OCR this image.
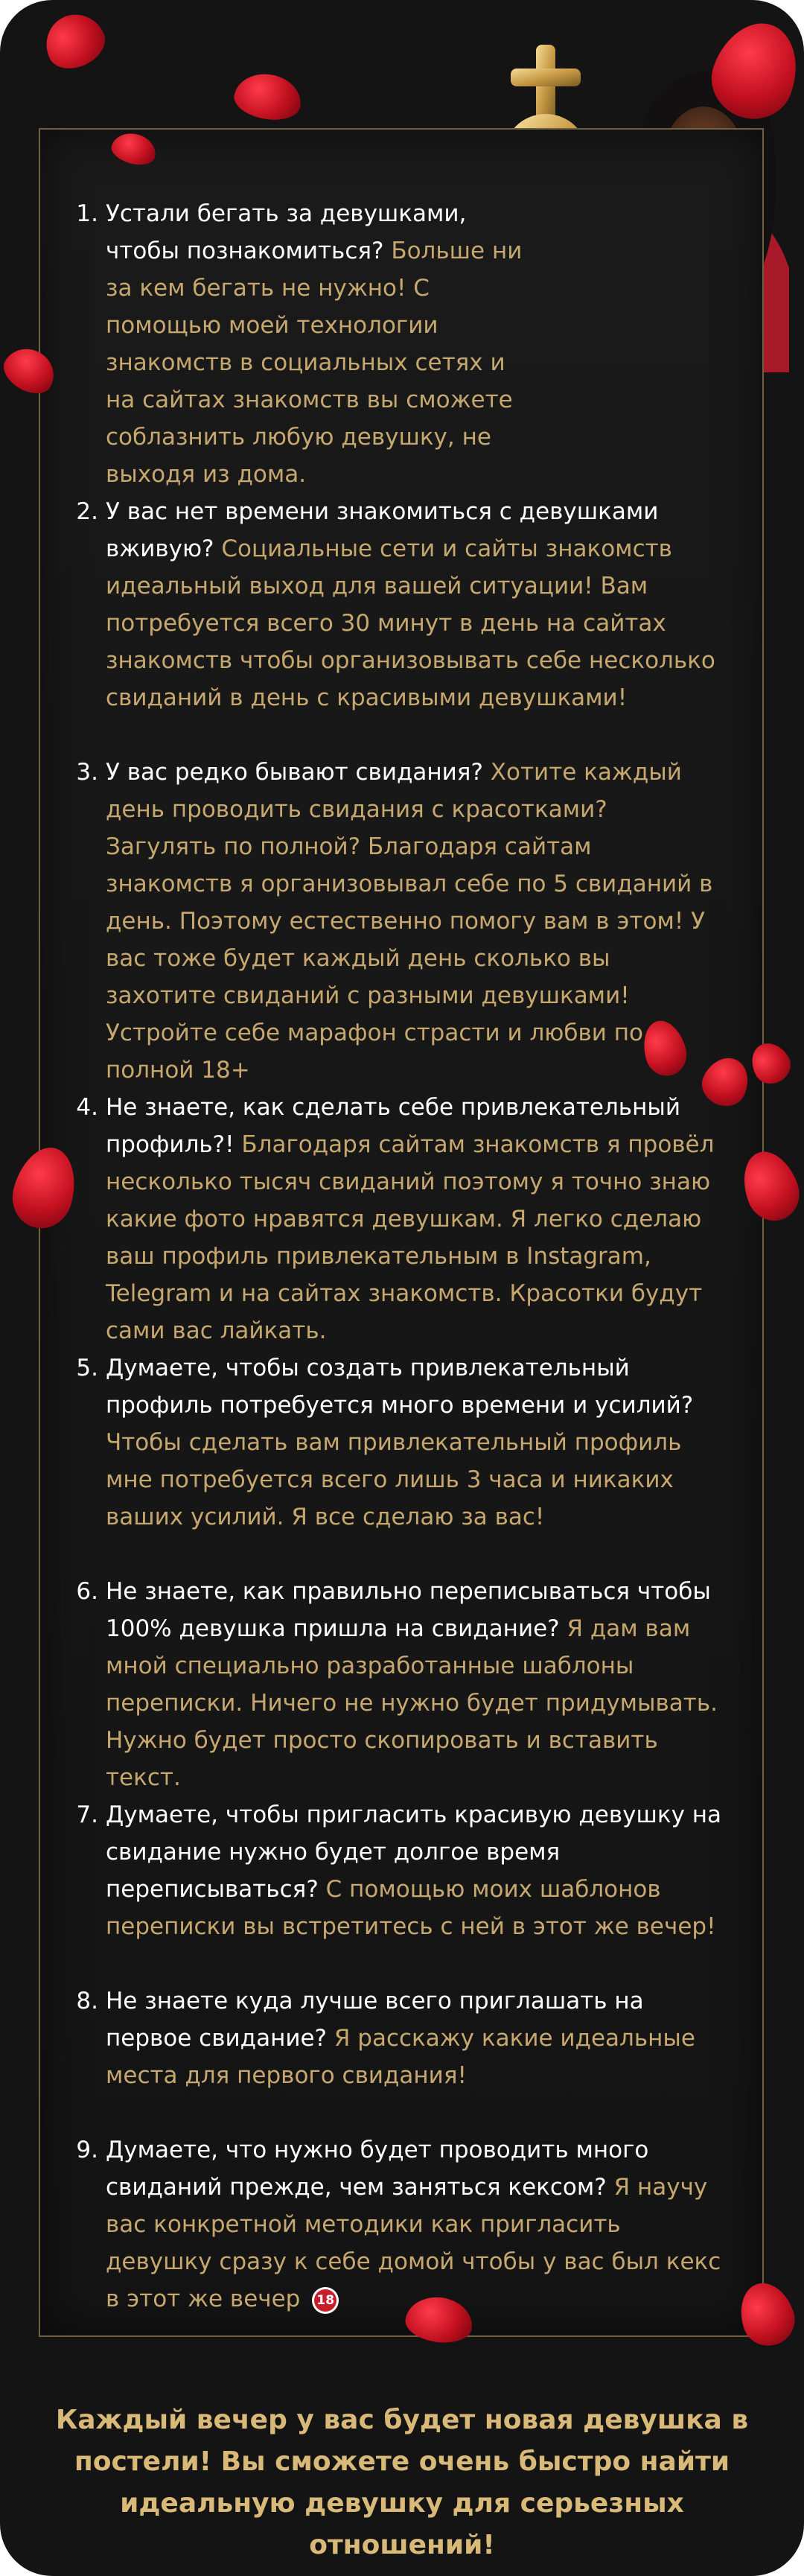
1. Устали бегать за девушками, чтобы познакомиться? Больше ни за кем бегать не нужно! С помощью моей технологии знакомств в социальных сетях и на сайтах знакомств вы сможете соблазнить любую девушку, не выходя из дома.
2. У вас нет времени знакомиться с девушками вживую? Социальные сети и сайты знакомств идеальный выход для вашей ситуации! Вам потребуется всего 30 минут в день на сайтах знакомств чтобы организовывать себе несколько свиданий в день с красивыми девушками!
3. У вас редко бывают свидания? Хотите каждый день проводить свидания с красотками? Загулять по полной? Благодаря сайтам знакомств я организовывал себе по 5 свиданий в день. Поэтому естественно помогу вам в этом! У вас тоже будет каждый день сколько вы захотите свиданий с разными девушками! Устройте себе марафон страсти и любви по полной 18+
4. Не знаете, как сделать себе привлекательный профиль?! Благодаря сайтам знакомств я провёл несколько тысяч свиданий поэтому я точно знаю какие фото нравятся девушкам. Я легко сделаю ваш профиль привлекательным в Instagram, Telegram и на сайтах знакомств. Красотки будут сами вас лайкать.
5. Думаете, чтобы создать привлекательный профиль потребуется много времени и усилий? Чтобы сделать вам привлекательный профиль мне потребуется всего лишь 3 часа и никаких ваших усилий. Я все сделаю за вас!
6. Не знаете, как правильно переписываться чтобы 100% девушка пришла на свидание? Я дам вам мной специально разработанные шаблоны переписки. Ничего не нужно будет придумывать. Нужно будет просто скопировать и вставить текст.
7. Думаете, чтобы пригласить красивую девушку на свидание нужно будет долгое время переписываться? С помощью моих шаблонов переписки вы встретитесь с ней в этот же вечер!
8. Не знаете куда лучше всего приглашать на первое свидание? Я расскажу какие идеальные места для первого свидания!
9. Думаете, что нужно будет проводить много свиданий прежде, чем заняться кексом? Я научу вас конкретной методики как пригласить девушку сразу к себе домой чтобы у вас был кекс в этот же вечер 18
Каждый вечер у вас будет новая девушка в постели! Вы сможете очень быстро найти идеальную девушку для серьезных отношений!
